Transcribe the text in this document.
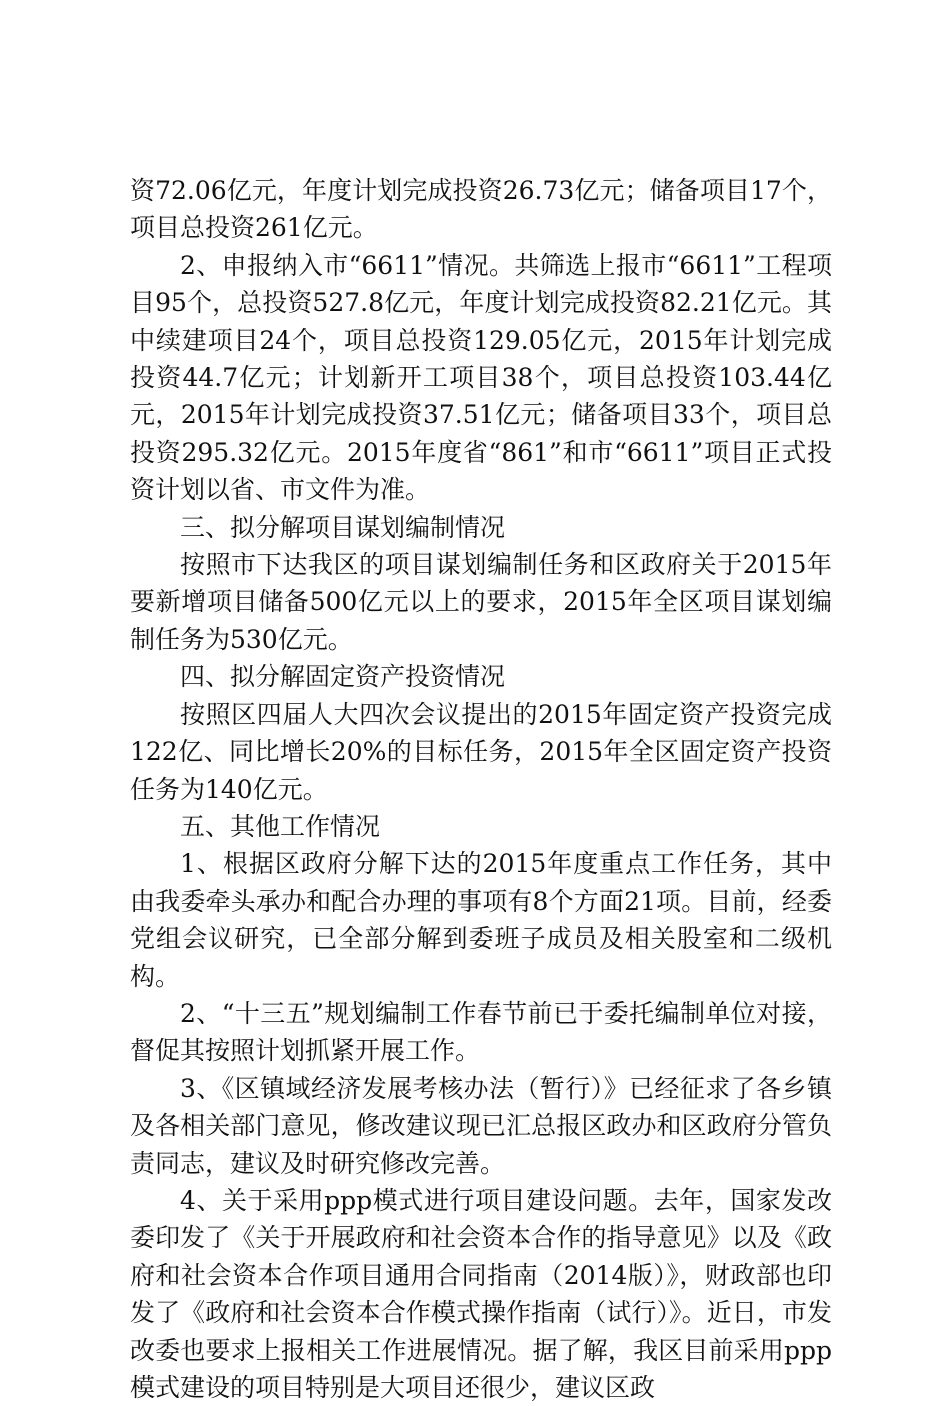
资72.06亿元，年度计划完成投资26.73亿元；储备项目17个，项目总投资261亿元。

2、申报纳入市“6611”情况。共筛选上报市“6611”工程项目95个，总投资527.8亿元，年度计划完成投资82.21亿元。其中续建项目24个，项目总投资129.05亿元，2015年计划完成投资44.7亿元；计划新开工项目38个，项目总投资103.44亿元，2015年计划完成投资37.51亿元；储备项目33个，项目总投资295.32亿元。2015年度省“861”和市“6611”项目正式投资计划以省、市文件为准。

三、拟分解项目谋划编制情况

按照市下达我区的项目谋划编制任务和区政府关于2015年要新增项目储备500亿元以上的要求，2015年全区项目谋划编制任务为530亿元。

四、拟分解固定资产投资情况

按照区四届人大四次会议提出的2015年固定资产投资完成122亿、同比增长20%的目标任务，2015年全区固定资产投资任务为140亿元。

五、其他工作情况

1、根据区政府分解下达的2015年度重点工作任务，其中由我委牵头承办和配合办理的事项有8个方面21项。目前，经委党组会议研究，已全部分解到委班子成员及相关股室和二级机构。

2、“十三五”规划编制工作春节前已于委托编制单位对接，督促其按照计划抓紧开展工作。

3、《区镇域经济发展考核办法（暂行）》已经征求了各乡镇及各相关部门意见，修改建议现已汇总报区政办和区政府分管负责同志，建议及时研究修改完善。

4、关于采用ppp模式进行项目建设问题。去年，国家发改委印发了《关于开展政府和社会资本合作的指导意见》以及《政府和社会资本合作项目通用合同指南（2014版）》，财政部也印发了《政府和社会资本合作模式操作指南（试行）》。近日，市发改委也要求上报相关工作进展情况。据了解，我区目前采用ppp模式建设的项目特别是大项目还很少，建议区政
